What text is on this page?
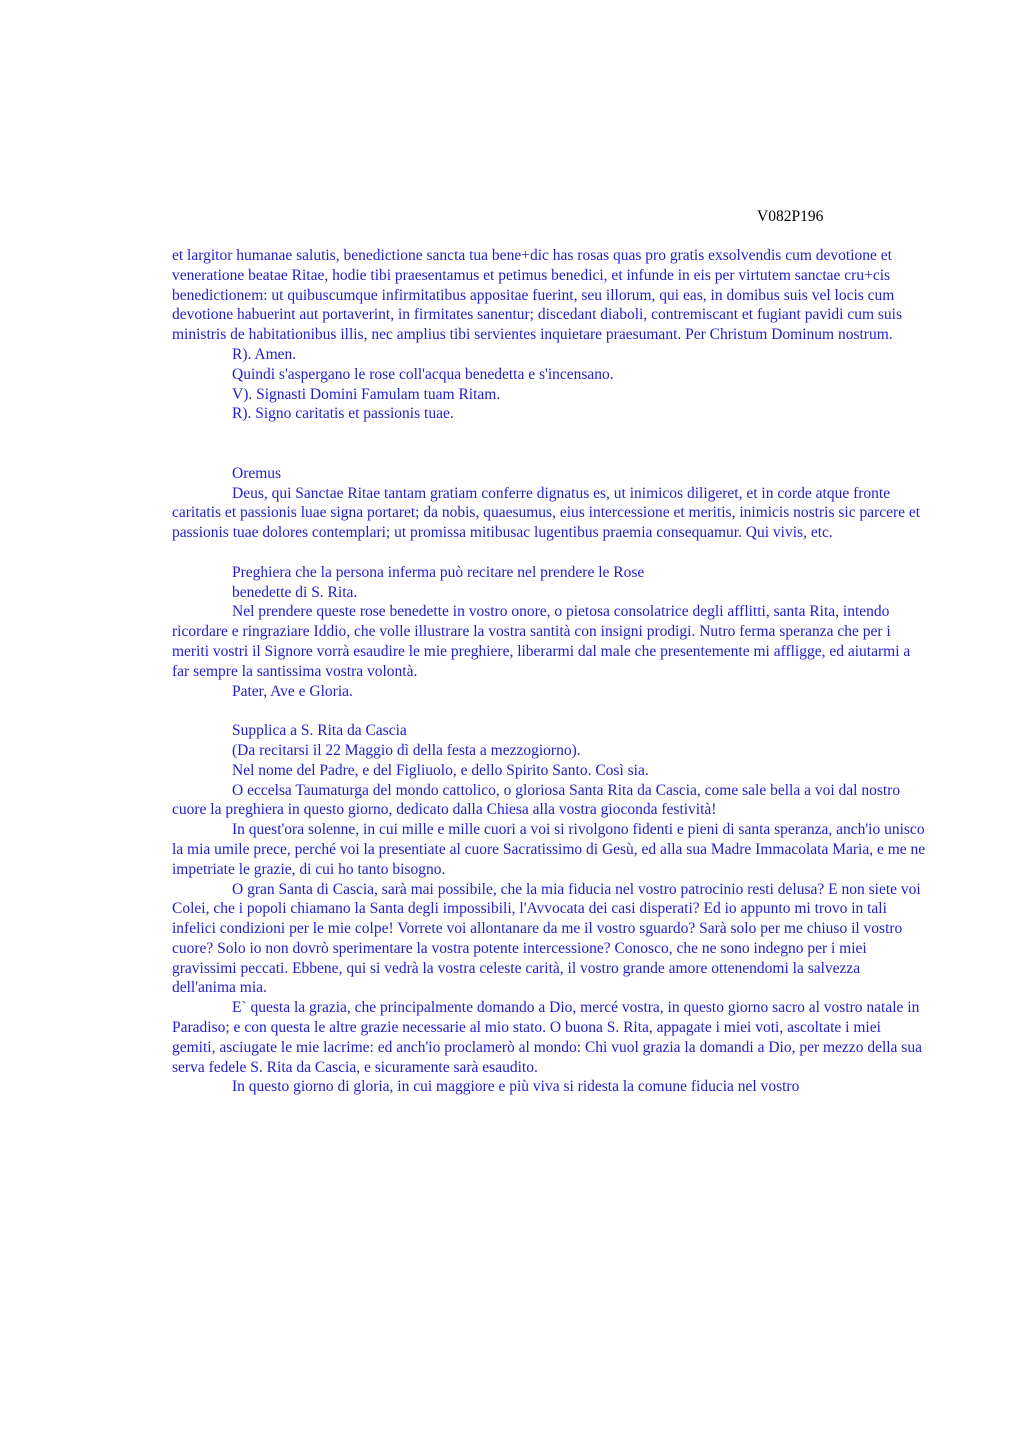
V082P196

et largitor humanae salutis, benedictione sancta tua bene+dic has rosas quas pro gratis exsolvendis cum devotione et veneratione beatae Ritae, hodie tibi praesentamus et petimus benedici, et infunde in eis per virtutem sanctae cru+cis benedictionem: ut quibuscumque infirmitatibus appositae fuerint, seu illorum, qui eas, in domibus suis vel locis cum devotione habuerint aut portaverint, in firmitates sanentur; discedant diaboli, contremiscant et fugiant pavidi cum suis ministris de habitationibus illis, nec amplius tibi servientes inquietare praesumant. Per Christum Dominum nostrum.

R). Amen.

Quindi s'aspergano le rose coll'acqua benedetta e s'incensano.

V). Signasti Domini Famulam tuam Ritam.

R). Signo caritatis et passionis tuae.

Oremus

Deus, qui Sanctae Ritae tantam gratiam conferre dignatus es, ut inimicos diligeret, et in corde atque fronte caritatis et passionis luae signa portaret; da nobis, quaesumus, eius intercessione et meritis, inimicis nostris sic parcere et passionis tuae dolores contemplari; ut promissa mitibusac lugentibus praemia consequamur. Qui vivis, etc.

Preghiera che la persona inferma può recitare nel prendere le Rose

benedette di S. Rita.

Nel prendere queste rose benedette in vostro onore, o pietosa consolatrice degli afflitti, santa Rita, intendo ricordare e ringraziare Iddio, che volle illustrare la vostra santità con insigni prodigi. Nutro ferma speranza che per i meriti vostri il Signore vorrà esaudire le mie preghiere, liberarmi dal male che presentemente mi affligge, ed aiutarmi a far sempre la santissima vostra volontà.

Pater, Ave e Gloria.

Supplica a S. Rita da Cascia

(Da recitarsi il 22 Maggio dì della festa a mezzogiorno).

Nel nome del Padre, e del Figliuolo, e dello Spirito Santo. Così sia.

O eccelsa Taumaturga del mondo cattolico, o gloriosa Santa Rita da Cascia, come sale bella a voi dal nostro cuore la preghiera in questo giorno, dedicato dalla Chiesa alla vostra gioconda festività!

In quest'ora solenne, in cui mille e mille cuori a voi si rivolgono fidenti e pieni di santa speranza, anch'io unisco la mia umile prece, perché voi la presentiate al cuore Sacratissimo di Gesù, ed alla sua Madre Immacolata Maria, e me ne impetriate le grazie, di cui ho tanto bisogno.

O gran Santa di Cascia, sarà mai possibile, che la mia fiducia nel vostro patrocinio resti delusa? E non siete voi Colei, che i popoli chiamano la Santa degli impossibili, l'Avvocata dei casi disperati? Ed io appunto mi trovo in tali infelici condizioni per le mie colpe! Vorrete voi allontanare da me il vostro sguardo? Sarà solo per me chiuso il vostro cuore? Solo io non dovrò sperimentare la vostra potente intercessione? Conosco, che ne sono indegno per i miei gravissimi peccati. Ebbene, qui si vedrà la vostra celeste carità, il vostro grande amore ottenendomi la salvezza dell'anima mia.

E` questa la grazia, che principalmente domando a Dio, mercé vostra, in questo giorno sacro al vostro natale in Paradiso; e con questa le altre grazie necessarie al mio stato. O buona S. Rita, appagate i miei voti, ascoltate i miei gemiti, asciugate le mie lacrime: ed anch'io proclamerò al mondo: Chi vuol grazia la domandi a Dio, per mezzo della sua serva fedele S. Rita da Cascia, e sicuramente sarà esaudito.

In questo giorno di gloria, in cui maggiore e più viva si ridesta la comune fiducia nel vostro
